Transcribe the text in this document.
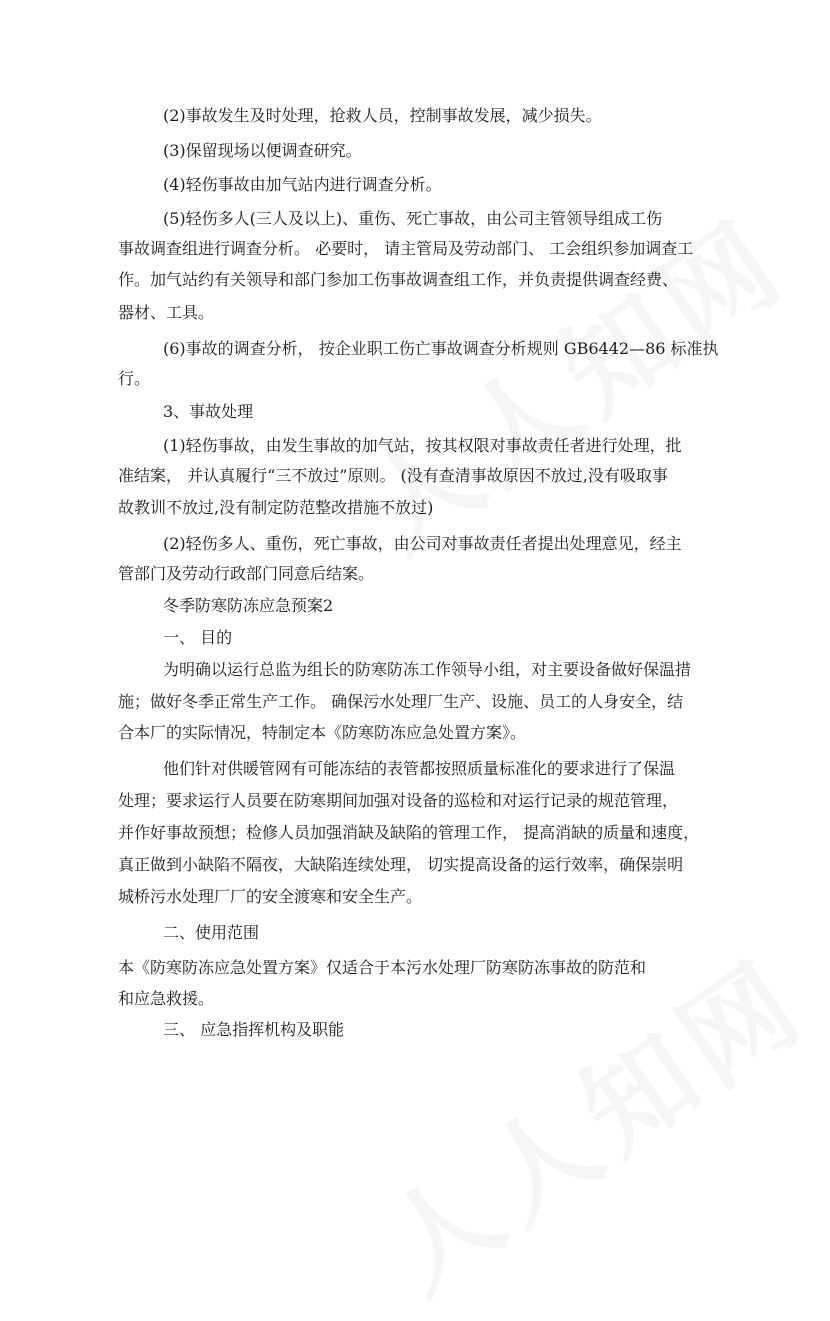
(2)事故发生及时处理，抢救人员，控制事故发展，减少损失。
(3)保留现场以便调查研究。
(4)轻伤事故由加气站内进行调查分析。
(5)轻伤多人(三人及以上)、重伤、死亡事故，由公司主管领导组成工伤
事故调查组进行调查分析。 必要时， 请主管局及劳动部门、 工会组织参加调查工
作。加气站约有关领导和部门参加工伤事故调查组工作，并负责提供调查经费、
器材、工具。
(6)事故的调查分析， 按企业职工伤亡事故调查分析规则 GB6442—86 标准执
行。
3、事故处理
(1)轻伤事故，由发生事故的加气站，按其权限对事故责任者进行处理，批
准结案， 并认真履行“三不放过”原则。 (没有查清事故原因不放过,没有吸取事
故教训不放过,没有制定防范整改措施不放过)
(2)轻伤多人、重伤，死亡事故，由公司对事故责任者提出处理意见，经主
管部门及劳动行政部门同意后结案。
冬季防寒防冻应急预案2
一、 目的
为明确以运行总监为组长的防寒防冻工作领导小组，对主要设备做好保温措
施；做好冬季正常生产工作。 确保污水处理厂生产、设施、员工的人身安全，结
合本厂的实际情况，特制定本《防寒防冻应急处置方案》。
他们针对供暖管网有可能冻结的表管都按照质量标准化的要求进行了保温
处理；要求运行人员要在防寒期间加强对设备的巡检和对运行记录的规范管理，
并作好事故预想；检修人员加强消缺及缺陷的管理工作， 提高消缺的质量和速度，
真正做到小缺陷不隔夜，大缺陷连续处理， 切实提高设备的运行效率，确保崇明
城桥污水处理厂厂的安全渡寒和安全生产。
二、使用范围
本《防寒防冻应急处置方案》仅适合于本污水处理厂防寒防冻事故的防范和
和应急救援。
三、 应急指挥机构及职能
